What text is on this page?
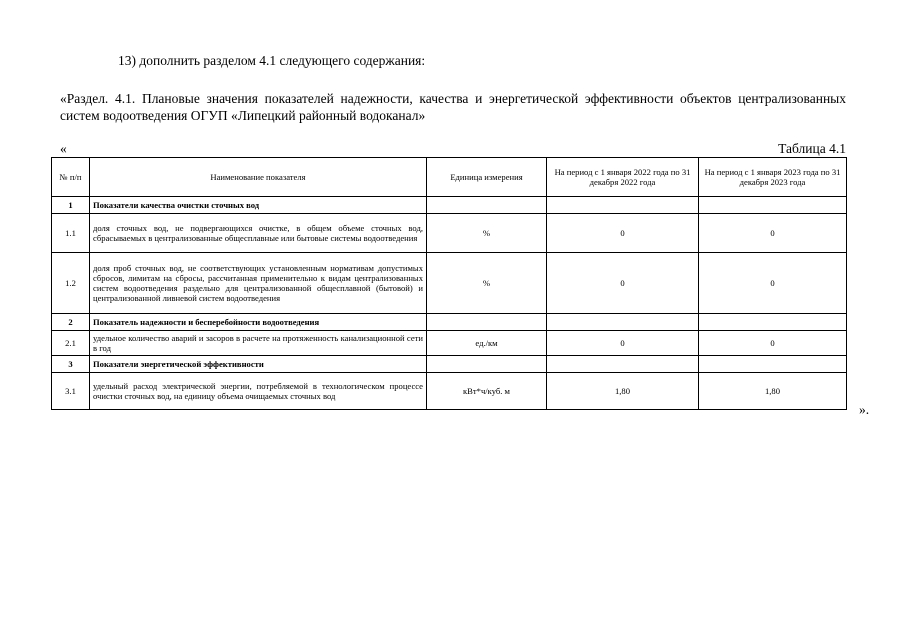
13) дополнить разделом 4.1 следующего содержания:
«Раздел. 4.1. Плановые значения показателей надежности, качества и энергетической эффективности объектов централизованных систем водоотведения ОГУП «Липецкий районный водоканал»
«	Таблица 4.1
№ п/п	Наименование показателя	Единица измерения	На период с 1 января 2022 года по 31 декабря 2022 года	На период с 1 января 2023 года по 31 декабря 2023 года
1	Показатели качества очистки сточных вод			
1.1	доля сточных вод, не подвергающихся очистке, в общем объеме сточных вод, сбрасываемых в централизованные общесплавные или бытовые системы водоотведения	%	0	0
1.2	доля проб сточных вод, не соответствующих установленным нормативам допустимых сбросов, лимитам на сбросы, рассчитанная применительно к видам централизованных систем водоотведения раздельно для централизованной общесплавной (бытовой) и централизованной ливневой систем водоотведения	%	0	0
2	Показатель надежности и бесперебойности водоотведения			
2.1	удельное количество аварий и засоров в расчете на протяженность канализационной сети в год	ед./км	0	0
3	Показатели энергетической эффективности			
3.1	удельный расход электрической энергии, потребляемой в технологическом процессе очистки сточных вод, на единицу объема очищаемых сточных вод	кВт*ч/куб. м	1,80	1,80
».
